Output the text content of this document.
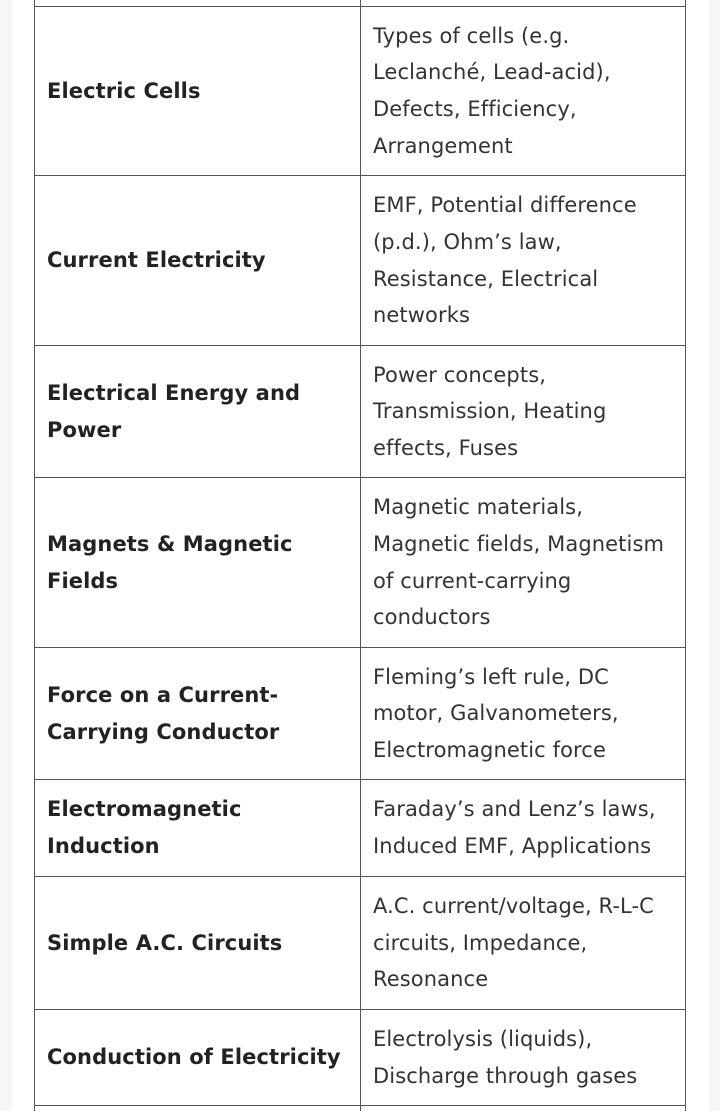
Electric Cells	Types of cells (e.g. Leclanché, Lead-acid), Defects, Efficiency, Arrangement
Current Electricity	EMF, Potential difference (p.d.), Ohm’s law, Resistance, Electrical networks
Electrical Energy and Power	Power concepts, Transmission, Heating effects, Fuses
Magnets & Magnetic Fields	Magnetic materials, Magnetic fields, Magnetism of current-carrying conductors
Force on a Current-Carrying Conductor	Fleming’s left rule, DC motor, Galvanometers, Electromagnetic force
Electromagnetic Induction	Faraday’s and Lenz’s laws, Induced EMF, Applications
Simple A.C. Circuits	A.C. current/voltage, R-L-C circuits, Impedance, Resonance
Conduction of Electricity	Electrolysis (liquids), Discharge through gases
